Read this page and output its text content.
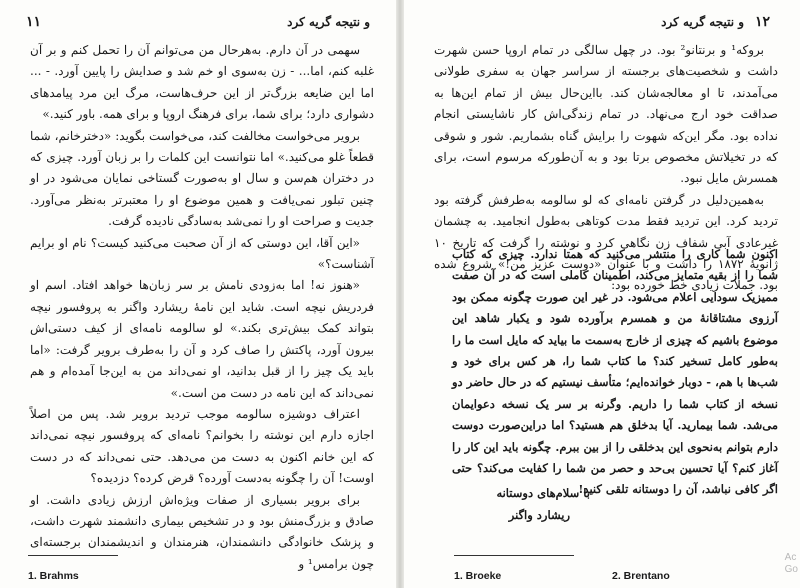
۱۱	و نتیجه گریه کرد

سهمی در آن دارم. به‌هرحال من می‌توانم آن را تحمل کنم و بر آن غلبه کنم، اما... - زن به‌سوی او خم شد و صدایش را پایین آورد. - ... اما این ضایعه بزرگ‌تر از این حرف‌هاست، مرگ این مرد پیامدهای دشواری دارد؛ برای شما، برای فرهنگ اروپا و برای همه. باور کنید.»

برویر می‌خواست مخالفت کند، می‌خواست بگوید: «دخترخانم، شما قطعاً غلو می‌کنید.» اما نتوانست این کلمات را بر زبان آورد. چیزی که در دختران هم‌سن و سال او به‌صورت گستاخی نمایان می‌شود در او چنین تبلور نمی‌یافت و همین موضوع او را معتبرتر به‌نظر می‌آورد. جدیت و صراحت او را نمی‌شد به‌سادگی نادیده گرفت.

«این آقا، این دوستی که از آن صحبت می‌کنید کیست؟ نام او برایم آشناست؟»

«هنوز نه! اما به‌زودی نامش بر سر زبان‌ها خواهد افتاد. اسم او فردریش نیچه است. شاید این نامهٔ ریشارد واگنر به پروفسور نیچه بتواند کمک بیش‌تری بکند.» لو سالومه نامه‌ای از کیف دستی‌اش بیرون آورد، پاکتش را صاف کرد و آن را به‌طرف برویر گرفت: «اما باید یک چیز را از قبل بدانید، او نمی‌داند من به این‌جا آمده‌ام و هم نمی‌داند که این نامه در دست من است.»

اعتراف دوشیزه سالومه موجب تردید برویر شد. پس من اصلاً اجازه دارم این نوشته را بخوانم؟ نامه‌ای که پروفسور نیچه نمی‌داند که این خانم اکنون به دست من می‌دهد. حتی نمی‌داند که در دست اوست! آن را چگونه به‌دست آورده؟ قرض کرده؟ دزدیده؟

برای برویر بسیاری از صفات ویژه‌اش ارزش زیادی داشت. او صادق و بزرگ‌منش بود و در تشخیص بیماری دانشمند شهرت داشت، و پزشک خانوادگی دانشمندان، هنرمندان و اندیشمندان برجسته‌ای چون برامس¹ و

1. Brahms
۱۲
و نتیجه گریه کرد

بروکه¹ و برنتانو² بود. در چهل سالگی در تمام اروپا حسن شهرت داشت و شخصیت‌های برجسته از سراسر جهان به سفری طولانی می‌آمدند، تا او معالجه‌شان کند. بااین‌حال بیش از تمام این‌ها به صداقت خود ارج می‌نهاد. در تمام زندگی‌اش کار ناشایستی انجام نداده بود. مگر این‌که شهوت را برایش گناه بشماریم. شور و شوقی که در تخیلاتش مخصوص برتا بود و به آن‌طورکه مرسوم است، برای همسرش مایل نبود.

به‌همین‌دلیل در گرفتن نامه‌ای که لو سالومه به‌طرفش گرفته بود تردید کرد. این تردید فقط مدت کوتاهی به‌طول انجامید. به چشمان غیرعادی آبی شفاف زن نگاهی کرد و نوشته را گرفت که تاریخ ۱۰ ژانویهٔ ۱۸۷۲ را داشت و با عنوان «دوست عزیز من!» شروع شده بود. جملات زیادی خط خورده بود:

اکنون شما کاری را منتشر می‌کنید که همتا ندارد. چیزی که کتاب شما را از بقیه متمایز می‌کند، اطمینان کاملی است که در آن صفت ممیزیک سودایی اعلام می‌شود. در غیر این صورت چگونه ممکن بود آرزوی مشتاقانهٔ من و همسرم برآورده شود و یکبار شاهد این موضوع باشیم که چیزی از خارج به‌سمت ما بیاید که مایل است ما را به‌طور کامل تسخیر کند؟ ما کتاب شما را، هر کس برای خود و شب‌ها با هم، - دوبار خوانده‌ایم؛ متأسف نیستیم که در حال حاضر دو نسخه از کتاب شما را داریم. وگرنه بر سر یک نسخه دعوایمان می‌شد. شما بیمارید. آیا بدخلق هم هستید؟ اما دراین‌صورت دوست دارم بتوانم به‌نحوی این بدخلقی را از بین ببرم. چگونه باید این کار را آغاز کنم؟ آیا تحسین بی‌حد و حصر من شما را کفایت می‌کند؟ حتی اگر کافی نباشد، آن را دوستانه تلقی کنید!
با سلام‌های دوستانه
ریشارد واگنر
1. Broeke	2. Brentano
Ac
Go
